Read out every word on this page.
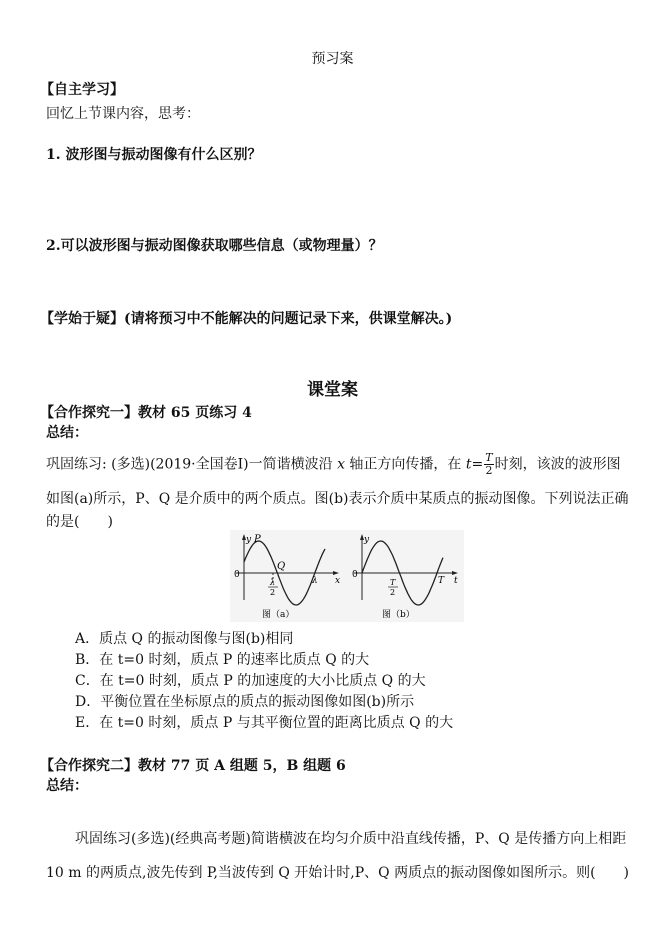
预习案
【自主学习】
回忆上节课内容，思考：
1. 波形图与振动图像有什么区别？
2.可以波形图与振动图像获取哪些信息（或物理量）？
【学始于疑】(请将预习中不能解决的问题记录下来，供课堂解决。)
课堂案
【合作探究一】教材 65 页练习 4
总结：
巩固练习: (多选)(2019·全国卷Ⅰ)一简谐横波沿 x 轴正方向传播，在 $t= \frac{T}{2}$ 时刻，该波的波形图
如图(a)所示，P、Q 是介质中的两个质点。图(b)表示介质中某质点的振动图像。下列说法正确
的是(　　)
y
x
0
P
Q
λ
2
λ
图（a）
y
t
0
T
2
T
图（b）
A．质点 Q 的振动图像与图(b)相同
B．在 t=0 时刻，质点 P 的速率比质点 Q 的大
C．在 t=0 时刻，质点 P 的加速度的大小比质点 Q 的大
D．平衡位置在坐标原点的质点的振动图像如图(b)所示
E．在 t=0 时刻，质点 P 与其平衡位置的距离比质点 Q 的大
【合作探究二】教材 77 页 A 组题 5，B 组题 6
总结：
巩固练习(多选)(经典高考题)简谐横波在均匀介质中沿直线传播，P、Q 是传播方向上相距
10 m 的两质点,波先传到 P,当波传到 Q 开始计时,P、Q 两质点的振动图像如图所示。则(　　)
